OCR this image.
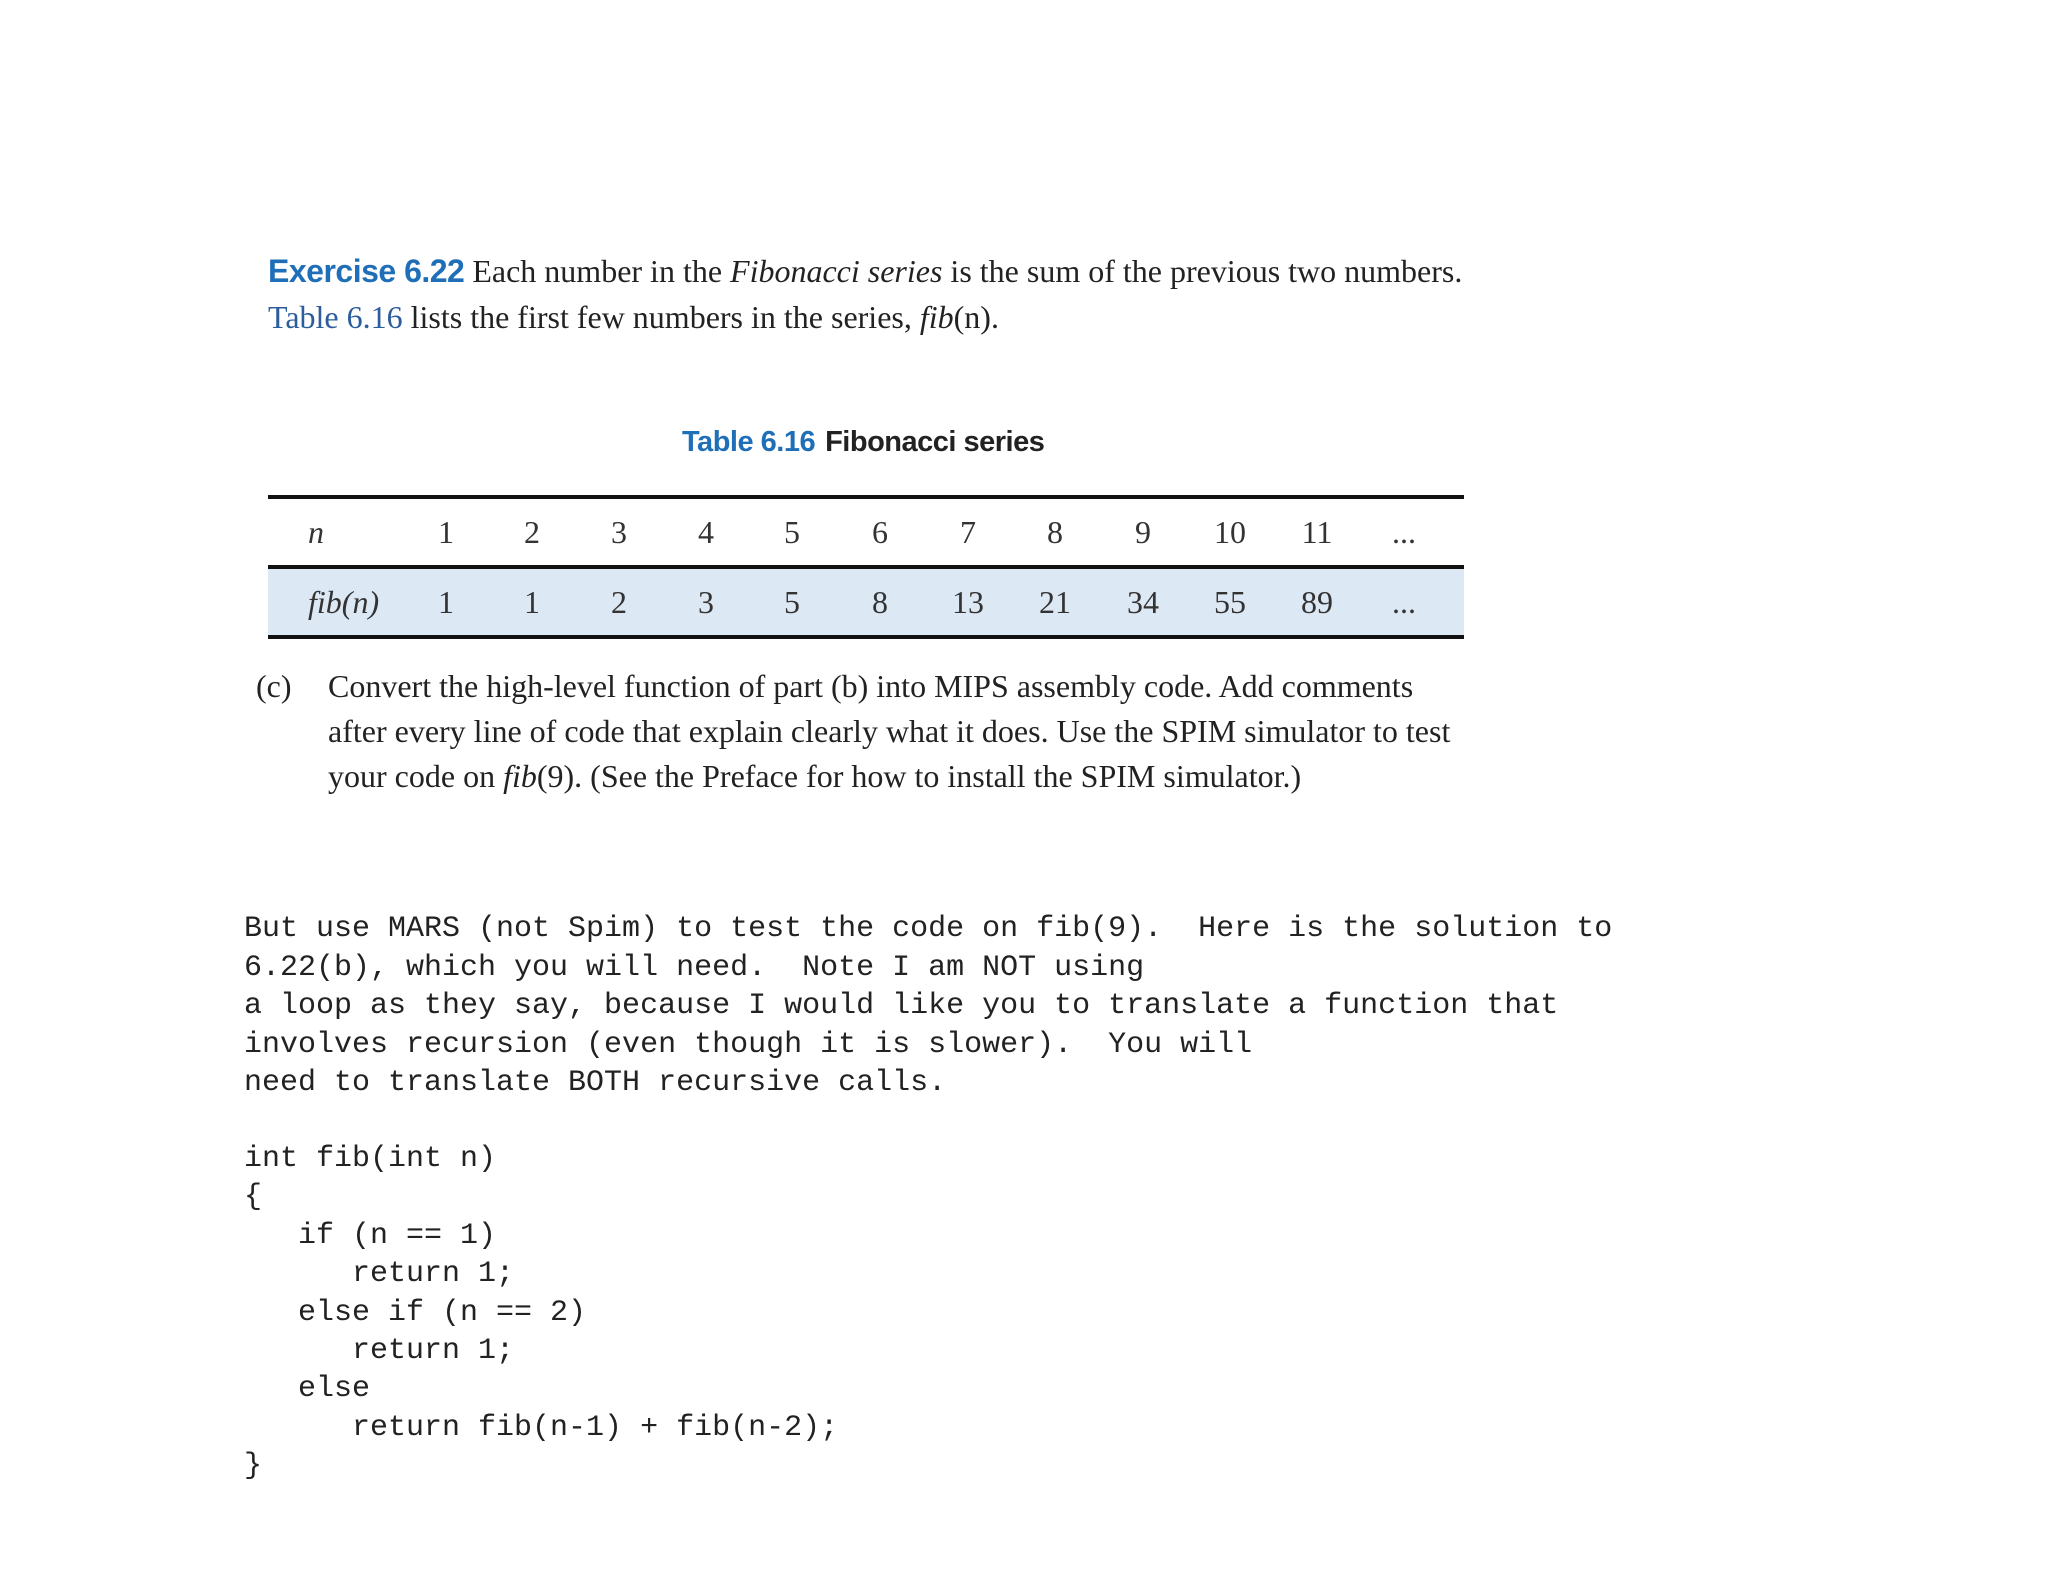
Exercise 6.22 Each number in the Fibonacci series is the sum of the previous two numbers. Table 6.16 lists the first few numbers in the series, fib(n).
Table 6.16 Fibonacci series
n	1	2	3	4	5	6	7	8	9	10	11	...
fib(n)	1	1	2	3	5	8	13	21	34	55	89	...
(c) Convert the high-level function of part (b) into MIPS assembly code. Add comments after every line of code that explain clearly what it does. Use the SPIM simulator to test your code on fib(9). (See the Preface for how to install the SPIM simulator.)
But use MARS (not Spim) to test the code on fib(9).  Here is the solution to
6.22(b), which you will need.  Note I am NOT using
a loop as they say, because I would like you to translate a function that
involves recursion (even though it is slower).  You will
need to translate BOTH recursive calls.
int fib(int n)
{
if (n == 1)
return 1;
else if (n == 2)
return 1;
else
return fib(n-1) + fib(n-2);
}
